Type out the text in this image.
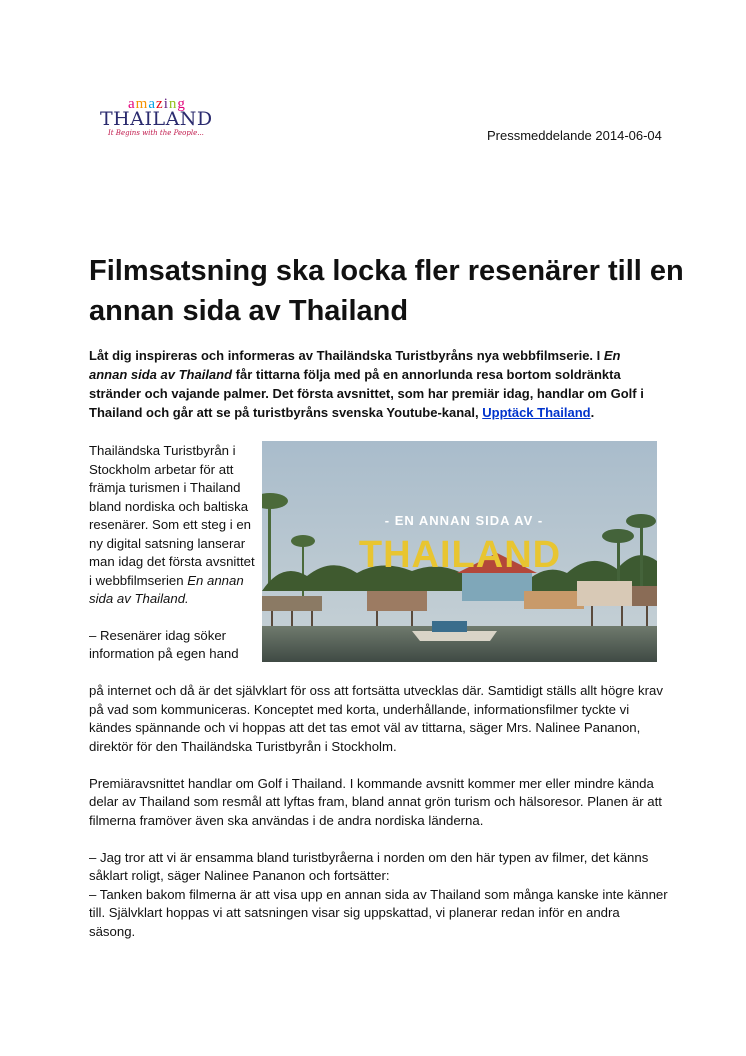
amazing
THAILAND
It Begins with the People...	Pressmeddelande 2014-06-04
Filmsatsning ska locka fler resenärer till en annan sida av Thailand

Låt dig inspireras och informeras av Thailändska Turistbyråns nya webbfilmserie. I En annan sida av Thailand får tittarna följa med på en annorlunda resa bortom soldränkta stränder och vajande palmer. Det första avsnittet, som har premiär idag, handlar om Golf i Thailand och går att se på turistbyråns svenska Youtube-kanal, Upptäck Thailand.

Thailändska Turistbyrån i Stockholm arbetar för att främja turismen i Thailand bland nordiska och baltiska resenärer. Som ett steg i en ny digital satsning lanserar man idag det första avsnittet i webbfilmserien En annan sida av Thailand.

– Resenärer idag söker information på egen hand

- EN ANNAN SIDA AV -
THAILAND

på internet och då är det självklart för oss att fortsätta utvecklas där. Samtidigt ställs allt högre krav på vad som kommuniceras. Konceptet med korta, underhållande, informationsfilmer tyckte vi kändes spännande och vi hoppas att det tas emot väl av tittarna, säger Mrs. Nalinee Pananon, direktör för den Thailändska Turistbyrån i Stockholm.

Premiäravsnittet handlar om Golf i Thailand. I kommande avsnitt kommer mer eller mindre kända delar av Thailand som resmål att lyftas fram, bland annat grön turism och hälsoresor. Planen är att filmerna framöver även ska användas i de andra nordiska länderna.

– Jag tror att vi är ensamma bland turistbyråerna i norden om den här typen av filmer, det känns såklart roligt, säger Nalinee Pananon och fortsätter:
– Tanken bakom filmerna är att visa upp en annan sida av Thailand som många kanske inte känner till. Självklart hoppas vi att satsningen visar sig uppskattad, vi planerar redan inför en andra säsong.
